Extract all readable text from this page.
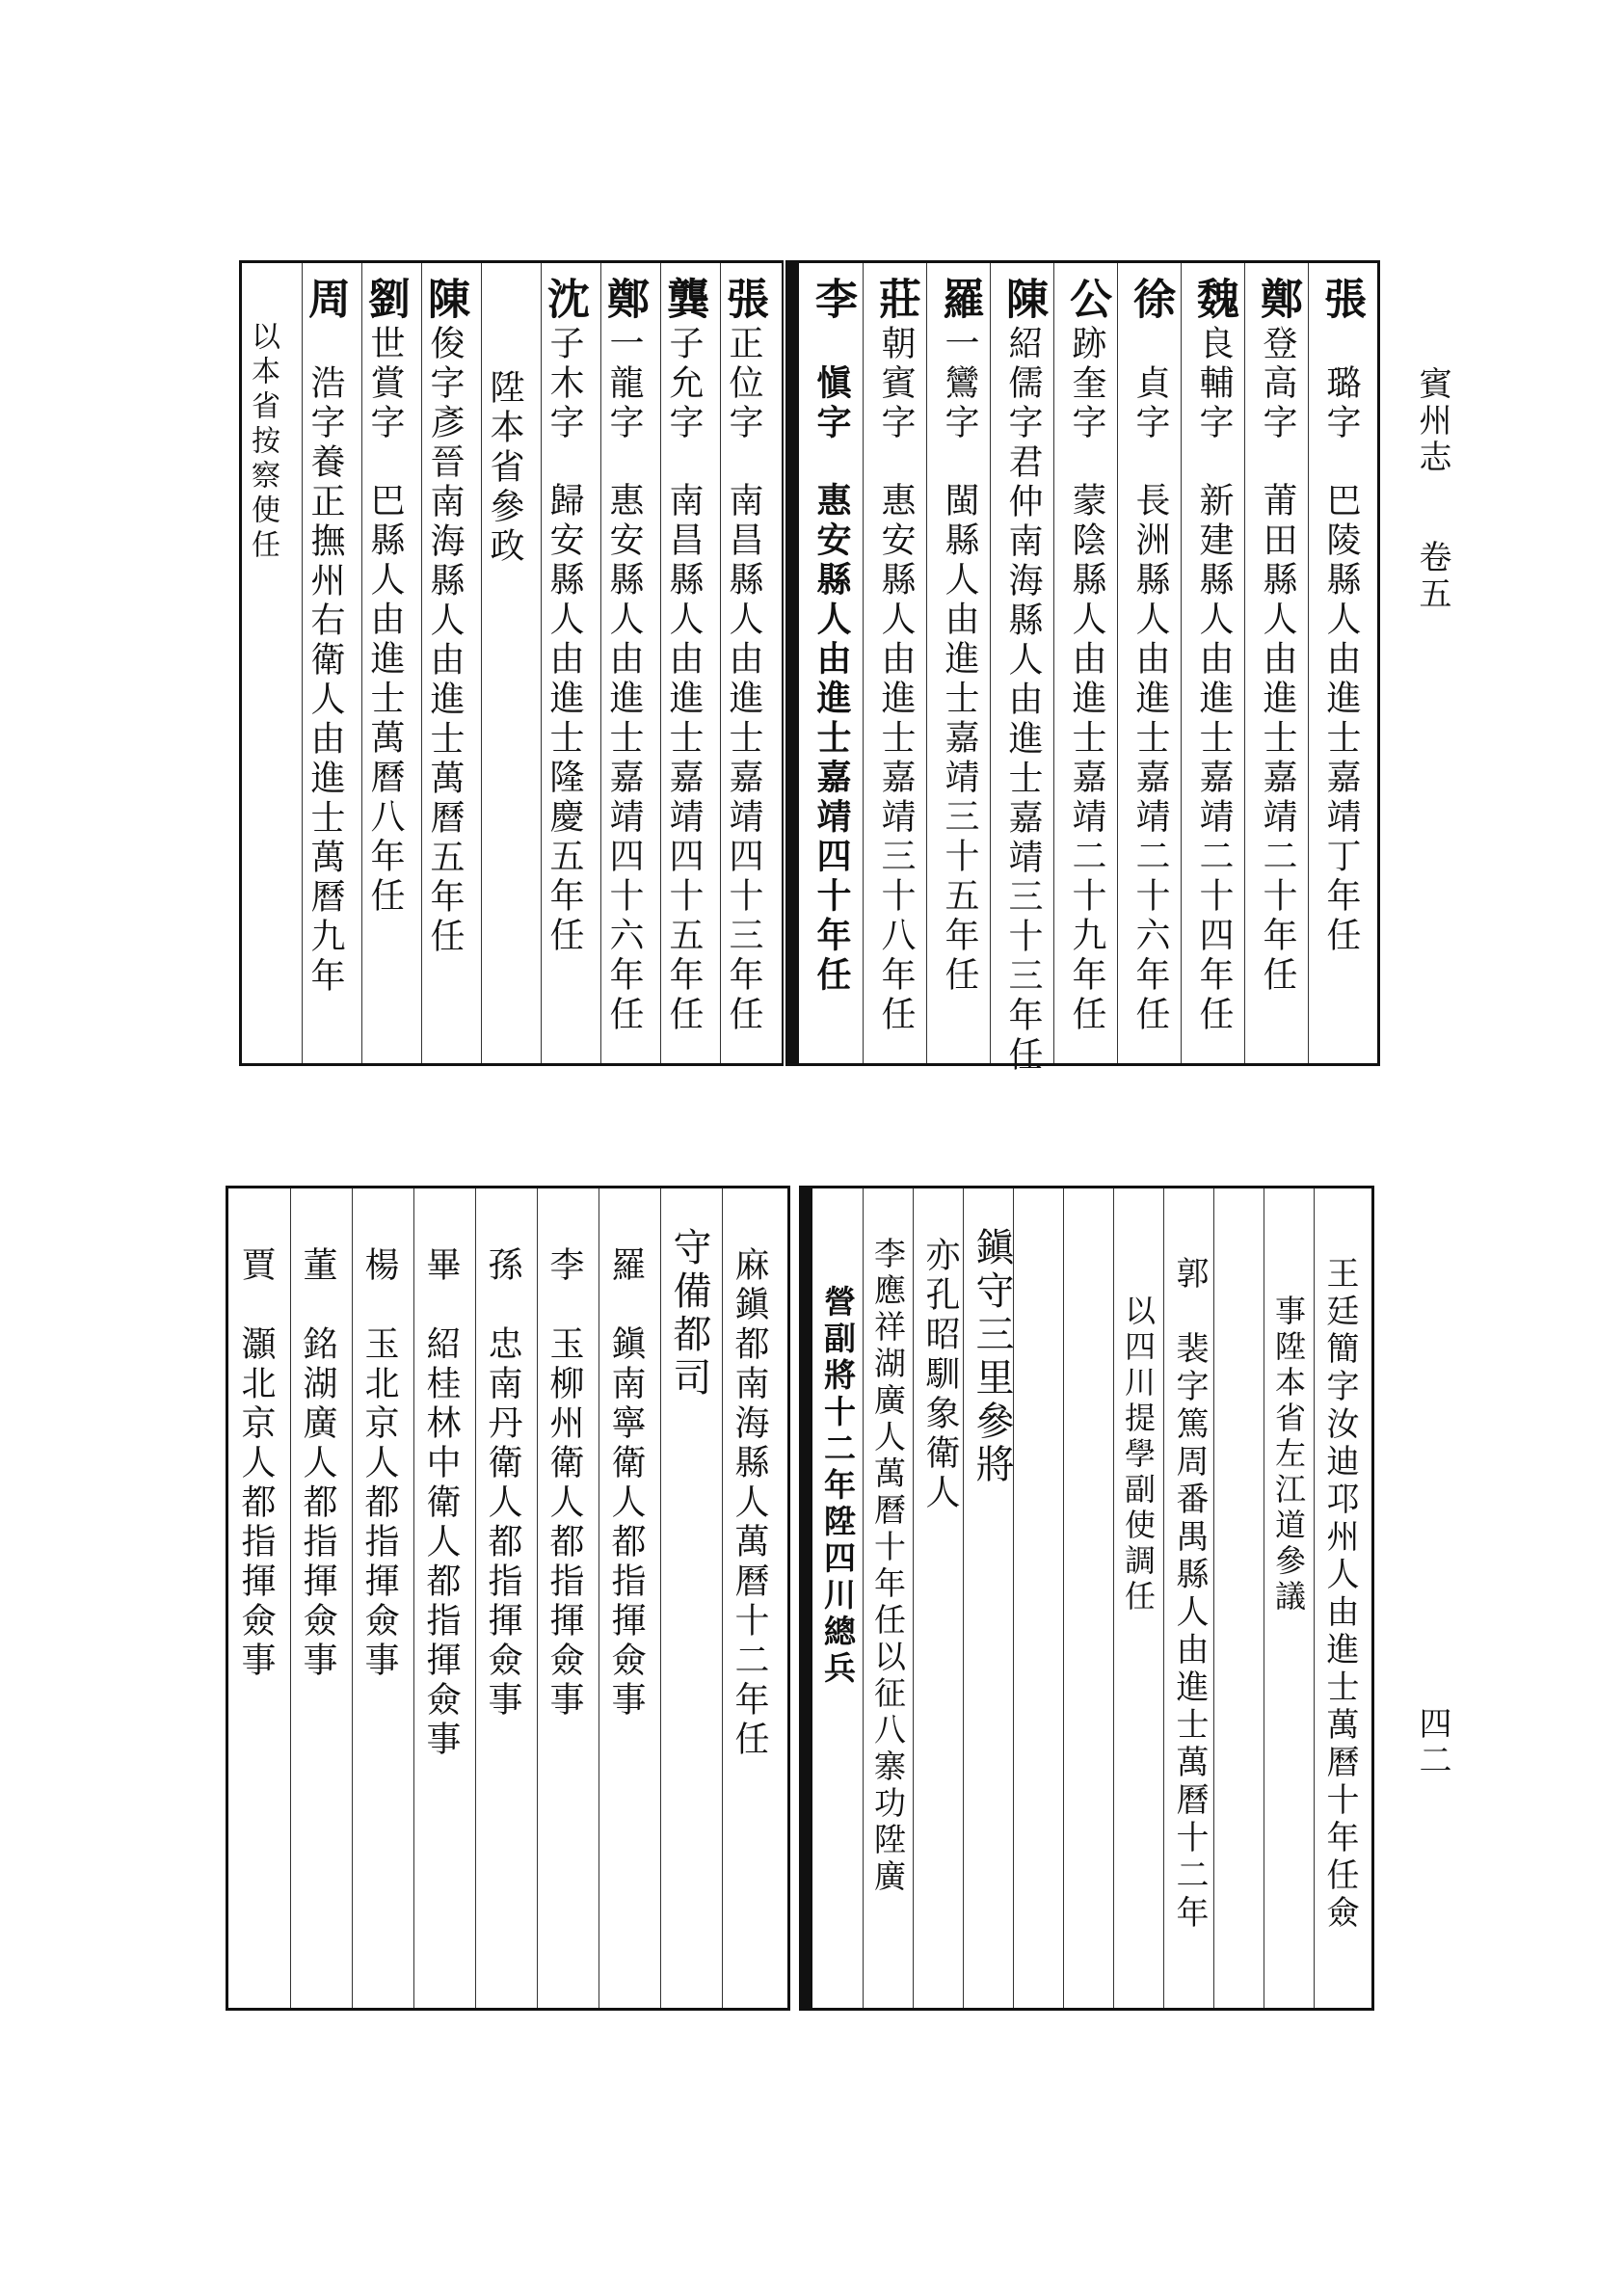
賓州志
卷五
四二
張正位字南昌縣人由進士嘉靖四十三年任
龔子允字南昌縣人由進士嘉靖四十五年任
鄭一龍字惠安縣人由進士嘉靖四十六年任
沈子木字歸安縣人由進士隆慶五年任
陞本省參政
陳俊字彥晉南海縣人由進士萬曆五年任
劉世賞字巴縣人由進士萬曆八年任
周　浩字養正撫州右衛人由進士萬曆九年
以本省按察使任
張　璐字巴陵縣人由進士嘉靖丁年任
鄭登高字莆田縣人由進士嘉靖二十年任
魏良輔字新建縣人由進士嘉靖二十四年任
徐　貞字長洲縣人由進士嘉靖二十六年任
公跡奎字蒙陰縣人由進士嘉靖二十九年任
陳紹儒字君仲南海縣人由進士嘉靖三十三年任
羅一鸞字閩縣人由進士嘉靖三十五年任
莊朝賓字惠安縣人由進士嘉靖三十八年任
李　愼字惠安縣人由進士嘉靖四十年任
麻鎭都南海縣人萬曆十二年任
守備都司
羅　鎭南寧衛人都指揮僉事
李　玉柳州衛人都指揮僉事
孫　忠南丹衛人都指揮僉事
畢　紹桂林中衛人都指揮僉事
楊　玉北京人都指揮僉事
董　銘湖廣人都指揮僉事
賈　灝北京人都指揮僉事	王廷簡字汝迪邛州人由進士萬曆十年任僉
事陞本省左江道參議
郭　裴字篤周番禺縣人由進士萬曆十二年
以四川提學副使調任
鎭守三里參將
亦孔昭馴象衛人
李應祥湖廣人萬曆十年任以征八寨功陞廣
營副將十二年陞四川總兵
